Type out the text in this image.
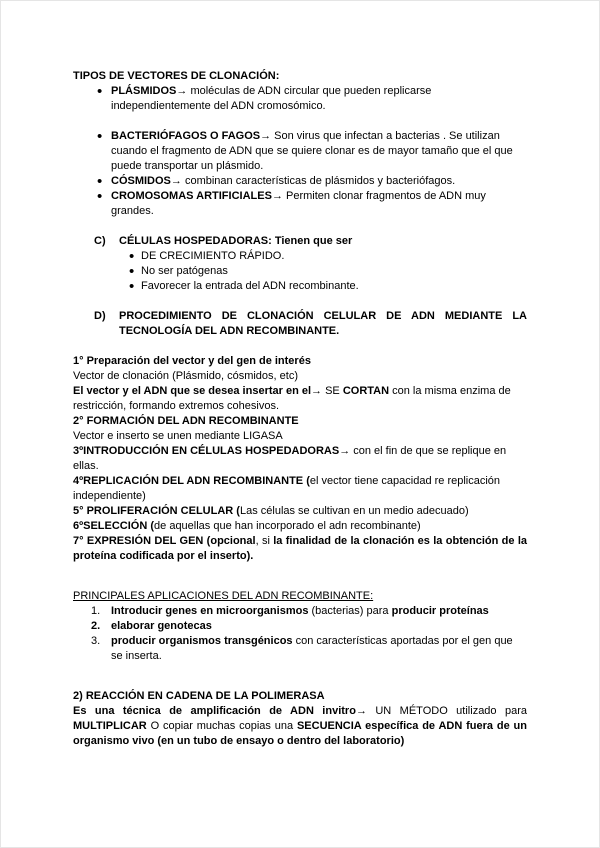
TIPOS DE VECTORES DE CLONACIÓN:

• PLÁSMIDOS→ moléculas de ADN circular que pueden replicarse independientemente del ADN cromosómico.
• BACTERIÓFAGOS O FAGOS→ Son virus que infectan a bacterias . Se utilizan cuando el fragmento de ADN que se quiere clonar es de mayor tamaño que el que puede transportar un plásmido.
• CÓSMIDOS→ combinan características de plásmidos y bacteriófagos.
• CROMOSOMAS ARTIFICIALES→ Permiten clonar fragmentos de ADN muy grandes.
C)	CÉLULAS HOSPEDADORAS: Tienen que ser
• DE CRECIMIENTO RÁPIDO.
• No ser patógenas
• Favorecer la entrada del ADN recombinante.
D)	PROCEDIMIENTO DE CLONACIÓN CELULAR DE ADN MEDIANTE LA TECNOLOGÍA DEL ADN RECOMBINANTE.

1° Preparación del vector y del gen de interés

Vector de clonación (Plásmido, cósmidos, etc)

El vector y el ADN que se desea insertar en el→ SE CORTAN con la misma enzima de restricción, formando extremos cohesivos.

2° FORMACIÓN DEL ADN RECOMBINANTE

Vector e inserto se unen mediante LIGASA

3ºINTRODUCCIÓN EN CÉLULAS HOSPEDADORAS→ con el fin de que se replique en ellas.

4ºREPLICACIÓN DEL ADN RECOMBINANTE (el vector tiene capacidad re replicación independiente)

5° PROLIFERACIÓN CELULAR (Las células se cultivan en un medio adecuado)

6ºSELECCIÓN (de aquellas que han incorporado el adn recombinante)

7° EXPRESIÓN DEL GEN (opcional, si la finalidad de la clonación es la obtención de la proteína codificada por el inserto).

PRINCIPALES APLICACIONES DEL ADN RECOMBINANTE:

1. Introducir genes en microorganismos (bacterias) para producir proteínas
2. elaborar genotecas
3. producir organismos transgénicos con características aportadas por el gen que se inserta.

2) REACCIÓN EN CADENA DE LA POLIMERASA

Es una técnica de amplificación de ADN invitro→ UN MÉTODO utilizado para MULTIPLICAR O copiar muchas copias una SECUENCIA específica de ADN fuera de un organismo vivo (en un tubo de ensayo o dentro del laboratorio)
